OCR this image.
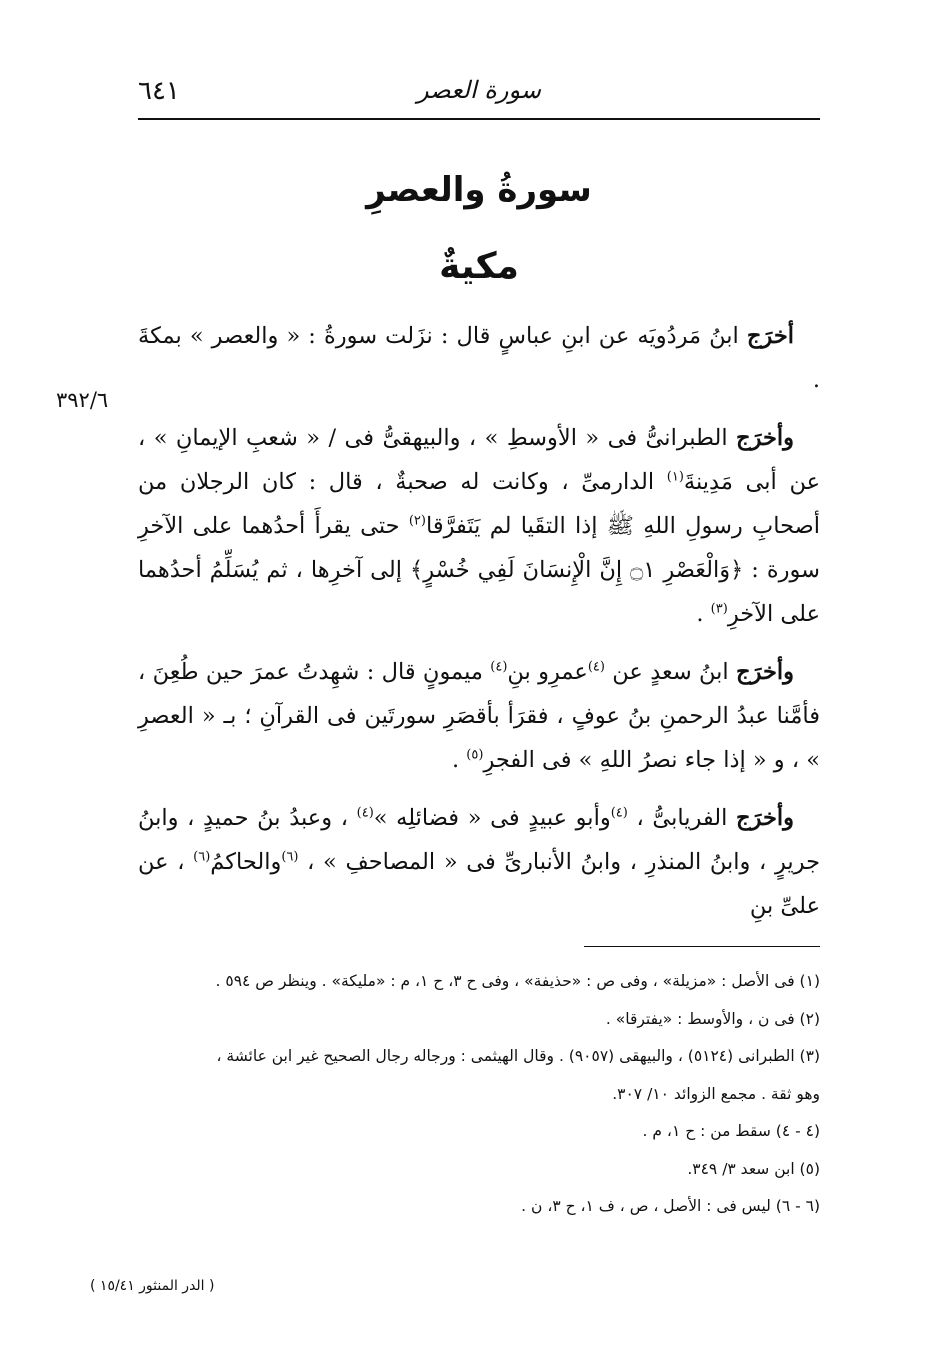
٦٤١	سورة العصر
سورةُ والعصرِ
مكيةٌ
٣٩٢/٦

أخرَج ابنُ مَردُويَه عن ابنِ عباسٍ قال : نزَلت سورةُ : « والعصر » بمكةَ .

وأخرَج الطبرانىُّ فى « الأوسطِ » ، والبيهقىُّ فى / « شعبِ الإيمانِ » ، عن أبى مَدِينةَ$^{(١)}$ الدارمىِّ ، وكانت له صحبةٌ ، قال : كان الرجلان من أصحابِ رسولِ اللهِ ﷺ إذا التقَيا لم يَتَفرَّقا$^{(٢)}$ حتى يقرأَ أحدُهما على الآخرِ سورة : ﴿وَالْعَصْرِ ۝١ إِنَّ الْإِنسَانَ لَفِي خُسْرٍ﴾ إلى آخرِها ، ثم يُسَلِّمُ أحدُهما على الآخرِ$^{(٣)}$ .

وأخرَج ابنُ سعدٍ عن $^{(٤)}$عمرِو بنِ$^{(٤)}$ ميمونٍ قال : شهِدتُ عمرَ حين طُعِنَ ، فأمَّنا عبدُ الرحمنِ بنُ عوفٍ ، فقرَأ بأقصَرِ سورتَين فى القرآنِ ؛ بـ « العصرِ » ، و « إذا جاء نصرُ اللهِ » فى الفجرِ$^{(٥)}$ .

وأخرَج الفريابىُّ ، $^{(٤)}$وأبو عبيدٍ فى « فضائلِه »$^{(٤)}$ ، وعبدُ بنُ حميدٍ ، وابنُ جريرٍ ، وابنُ المنذرِ ، وابنُ الأنبارىِّ فى « المصاحفِ » ، $^{(٦)}$والحاكمُ$^{(٦)}$ ، عن علىِّ بنِ

(١) فى الأصل : «مزيلة» ، وفى ص : «حذيفة» ، وفى ح ٣، ح ١، م : «مليكة» . وينظر ص ٥٩٤ .
(٢) فى ن ، والأوسط : «يفترقا» .
(٣) الطبرانى (٥١٢٤) ، والبيهقى (٩٠٥٧) . وقال الهيثمى : ورجاله رجال الصحيح غير ابن عائشة ،
وهو ثقة . مجمع الزوائد ١٠/ ٣٠٧.
(٤ - ٤) سقط من : ح ١، م .
(٥) ابن سعد ٣/ ٣٤٩.
(٦ - ٦) ليس فى : الأصل ، ص ، ف ١، ح ٣، ن .
( الدر المنثور ١٥/٤١ )
